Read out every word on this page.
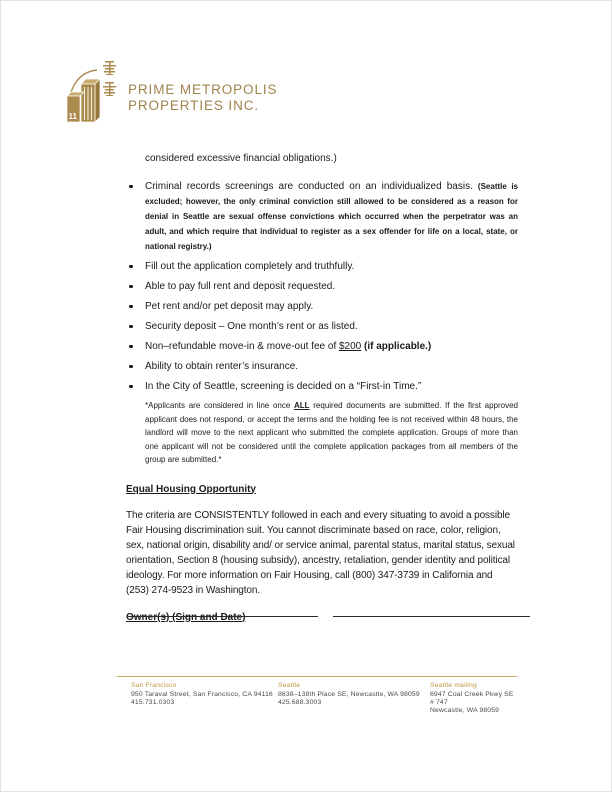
11
PRIME METROPOLIS
PROPERTIES INC.

considered excessive financial obligations.)

Criminal records screenings are conducted on an individualized basis. (Seattle is excluded; however, the only criminal conviction still allowed to be considered as a reason for denial in Seattle are sexual offense convictions which occurred when the perpetrator was an adult, and which require that individual to register as a sex offender for life on a local, state, or national registry.)
Fill out the application completely and truthfully.
Able to pay full rent and deposit requested.
Pet rent and/or pet deposit may apply.
Security deposit – One month’s rent or as listed.
Non–refundable move-in & move-out fee of $200 (if applicable.)
Ability to obtain renter’s insurance.
In the City of Seattle, screening is decided on a “First-in Time.”
*Applicants are considered in line once ALL required documents are submitted. If the first approved applicant does not respond, or accept the terms and the holding fee is not received within 48 hours, the landlord will move to the next applicant who submitted the complete application. Groups of more than one applicant will not be considered until the complete application packages from all members of the group are submitted.*
Equal Housing Opportunity

The criteria are CONSISTENTLY followed in each and every situating to avoid a possible Fair Housing discrimination suit. You cannot discriminate based on race, color, religion, sex, national origin, disability and/ or service animal, parental status, marital status, sexual orientation, Section 8 (housing subsidy), ancestry, retaliation, gender identity and political ideology. For more information on Fair Housing, call (800) 347-3739 in California and (253) 274-9523 in Washington.

Owner(s) (Sign and Date)
San Francisco
950 Taraval Street, San Francisco, CA 94116
415.731.0303
Seattle
8638–138th Place SE, Newcastle, WA 98059
425.688.3003
Seattle mailing
6947 Coal Creek Pkwy SE # 747
Newcastle, WA 98059
